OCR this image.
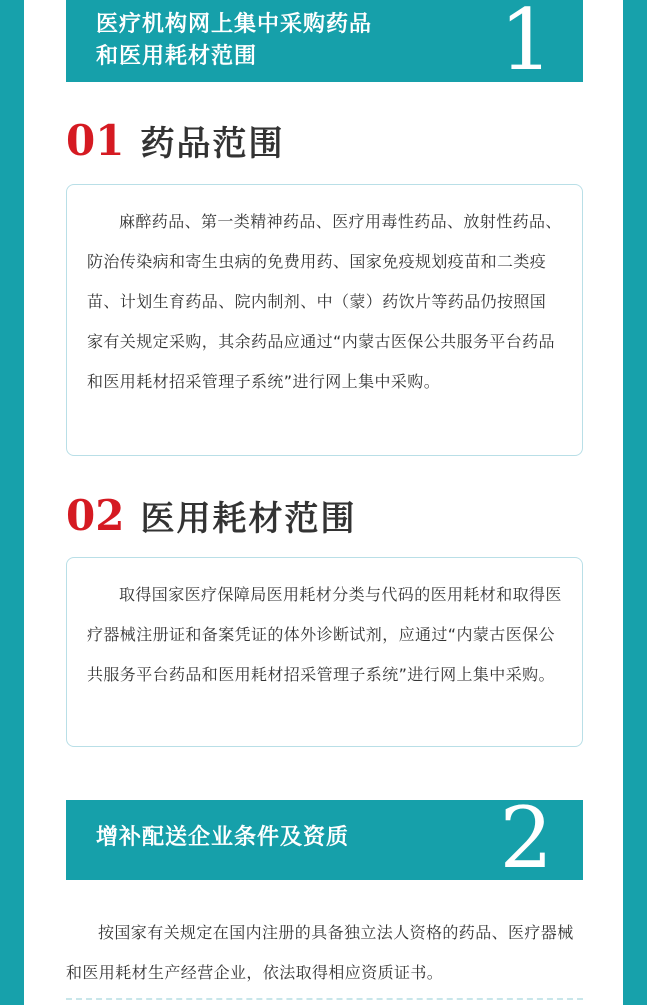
医疗机构网上集中采购药品
和医用耗材范围	1
01 药品范围

麻醉药品、第一类精神药品、医疗用毒性药品、放射性药品、防治传染病和寄生虫病的免费用药、国家免疫规划疫苗和二类疫苗、计划生育药品、院内制剂、中（蒙）药饮片等药品仍按照国家有关规定采购，其余药品应通过“内蒙古医保公共服务平台药品和医用耗材招采管理子系统”进行网上集中采购。

02 医用耗材范围

取得国家医疗保障局医用耗材分类与代码的医用耗材和取得医疗器械注册证和备案凭证的体外诊断试剂，应通过“内蒙古医保公共服务平台药品和医用耗材招采管理子系统”进行网上集中采购。

增补配送企业条件及资质 2

按国家有关规定在国内注册的具备独立法人资格的药品、医疗器械和医用耗材生产经营企业，依法取得相应资质证书。
